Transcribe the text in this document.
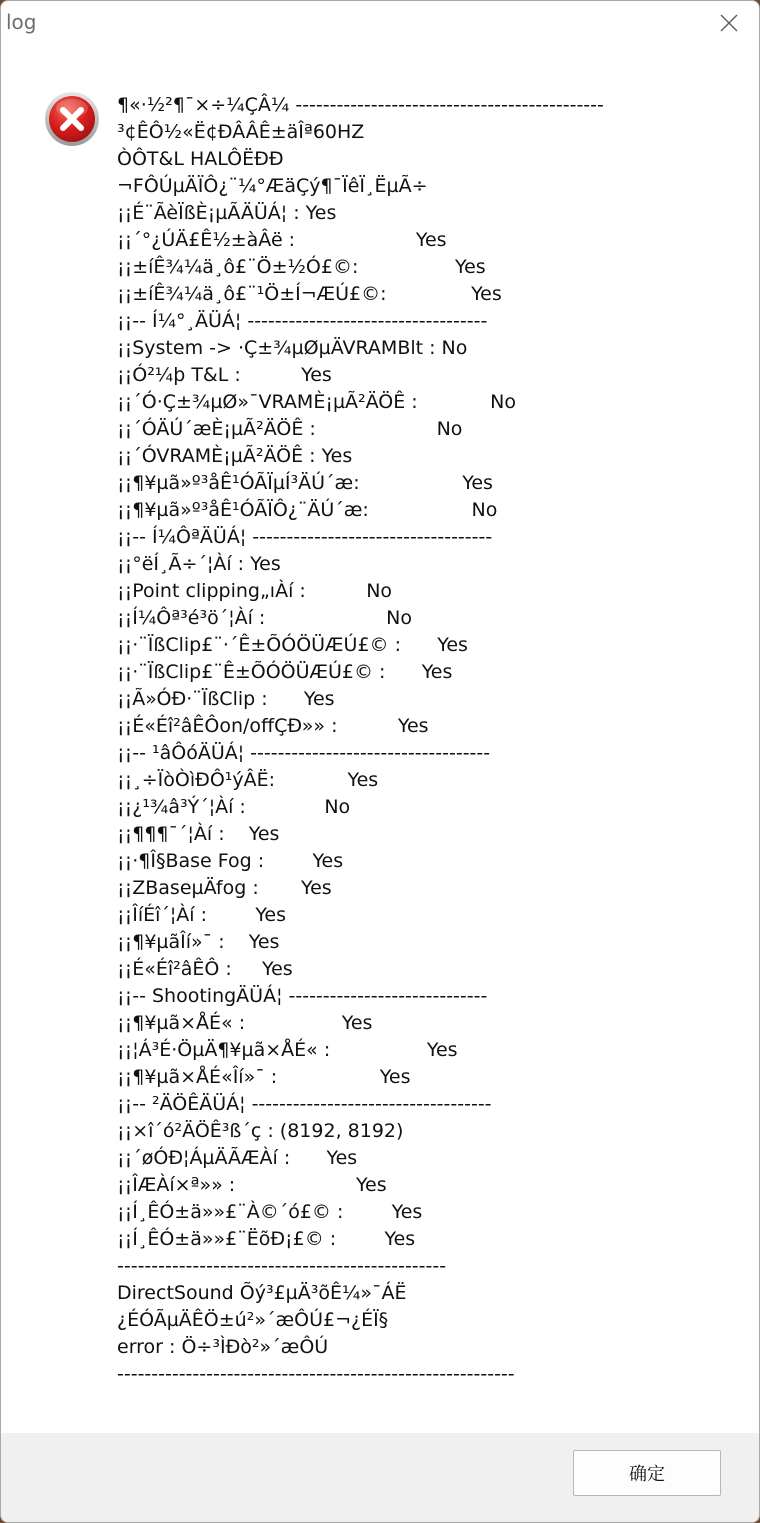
log
¶«·½²¶¯×÷¼ÇÂ¼ ---------------------------------------------
³¢ÊÔ½«Ë¢ÐÂÂÊ±äÎª60HZ
ÒÔT&L HALÔËÐÐ
¬FÔÚµÄÏÔ¿¨¼°ÆäÇý¶¯ÏêÏ¸ËµÃ÷
¡¡É¨ÃèÏßÈ¡µÃÄÜÁ¦ : Yes
¡¡´°¿ÚÄ£Ê½±àÂë :                    Yes
¡¡±íÊ¾¼ä¸ô£¨Ö±½Ó£©:                Yes
¡¡±íÊ¾¼ä¸ô£¨¹Ö±Í¬ÆÚ£©:              Yes
¡¡-- Í¼°¸ÄÜÁ¦ -----------------------------------
¡¡System -> ·Ç±¾µØµÄVRAMBlt : No
¡¡Ó²¼þ T&L :          Yes
¡¡´Ó·Ç±¾µØ»¯VRAMÈ¡µÃ²ÄÖÊ :            No
¡¡´ÓÄÚ´æÈ¡µÃ²ÄÖÊ :                    No
¡¡´ÓVRAMÈ¡µÃ²ÄÖÊ : Yes
¡¡¶¥µã»º³åÊ¹ÓÃÏµÍ³ÄÚ´æ:                 Yes
¡¡¶¥µã»º³åÊ¹ÓÃÏÔ¿¨ÄÚ´æ:                 No
¡¡-- Í¼ÔªÄÜÁ¦ -----------------------------------
¡¡°ëÍ¸Ã÷´¦Àí : Yes
¡¡Point clipping„ıÀí :          No
¡¡Í¼Ôª³é³ö´¦Àí :                    No
¡¡·¨ÏßClip£¨·´Ê±ÕÓÖÜÆÚ£© :      Yes
¡¡·¨ÏßClip£¨Ê±ÕÓÖÜÆÚ£© :      Yes
¡¡Ã»ÓÐ·¨ÏßClip :      Yes
¡¡É«Éî²âÊÔon/offÇÐ»» :          Yes
¡¡-- ¹âÔóÄÜÁ¦ -----------------------------------
¡¡¸÷ÏòÒìÐÔ¹ýÂË:            Yes
¡¡¿¹¾â³Ý´¦Àí :             No
¡¡¶¶¶¯´¦Àí :    Yes
¡¡·¶Î§Base Fog :        Yes
¡¡ZBaseµÄfog :       Yes
¡¡ÎíÉî´¦Àí :        Yes
¡¡¶¥µãÎí»¯ :    Yes
¡¡É«Éî²âÊÔ :     Yes
¡¡-- ShootingÄÜÁ¦ -----------------------------
¡¡¶¥µã×ÅÉ« :                Yes
¡¡¦Á³É·ÖµÄ¶¥µã×ÅÉ« :                Yes
¡¡¶¥µã×ÅÉ«Îí»¯ :                 Yes
¡¡-- ²ÄÖÊÄÜÁ¦ -----------------------------------
¡¡×î´ó²ÄÖÊ³ß´ç : (8192, 8192)
¡¡´øÓÐ¦ÁµÄÃÆÀí :      Yes
¡¡ÎÆÀí×ª»» :                    Yes
¡¡Í¸ÊÓ±ä»»£¨À©´ó£© :        Yes
¡¡Í¸ÊÓ±ä»»£¨ËõÐ¡£© :        Yes
------------------------------------------------
DirectSound Õý³£µÄ³õÊ¼»¯ÁË
¿ÉÓÃµÄÊÖ±ú²»´æÔÚ£¬¿ÉÏ§
error : Ö÷³ÌÐò²»´æÔÚ
----------------------------------------------------------
确定
